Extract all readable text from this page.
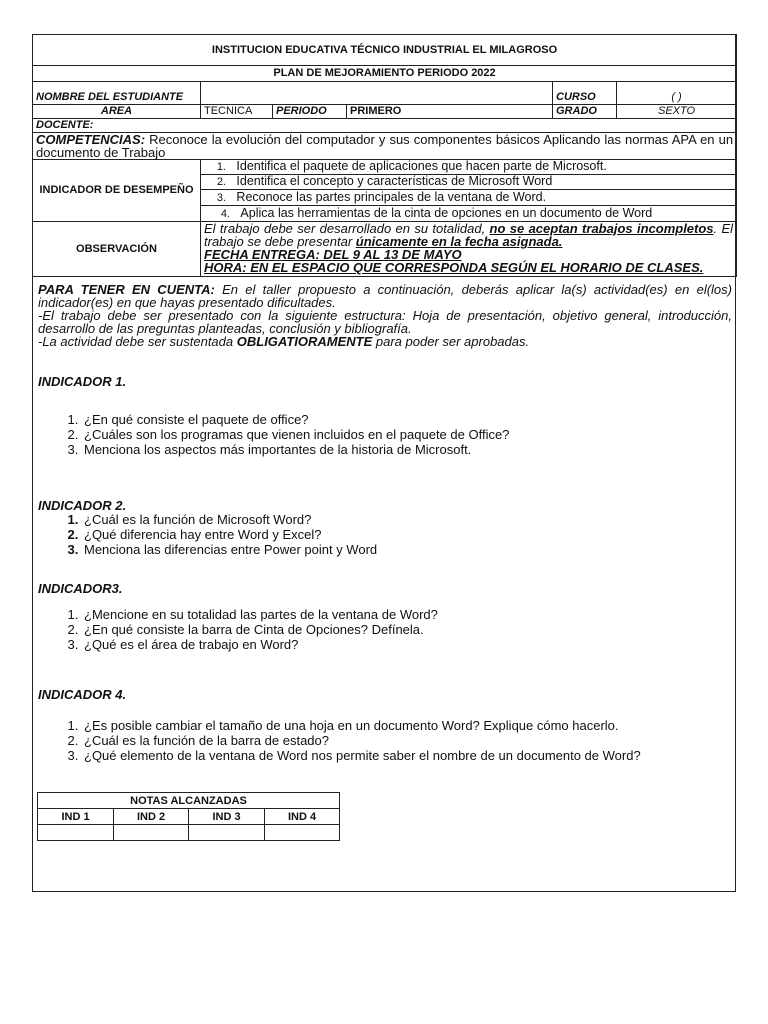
INSTITUCION EDUCATIVA TÉCNICO INDUSTRIAL EL MILAGROSO					
PLAN DE MEJORAMIENTO PERIODO 2022					
NOMBRE DEL ESTUDIANTE				CURSO	( )
AREA	TECNICA	PERIODO	PRIMERO	GRADO	SEXTO
DOCENTE:					
COMPETENCIAS: Reconoce la evolución del computador y sus componentes básicos Aplicando las normas APA en un documento de Trabajo					
INDICADOR DE DESEMPEÑO	1. Identifica el paquete de aplicaciones que hacen parte de Microsoft.				
	2. Identifica el concepto y características de Microsoft Word				
	3. Reconoce las partes principales de la ventana de Word.				
	4. Aplica las herramientas de la cinta de opciones en un documento de Word				
OBSERVACIÓN	El trabajo debe ser desarrollado en su totalidad, no se aceptan trabajos incompletos. El trabajo se debe presentar únicamente en la fecha asignada.
FECHA ENTREGA: DEL 9 AL 13 DE MAYO
HORA: EN EL ESPACIO QUE CORRESPONDA SEGÚN EL HORARIO DE CLASES.				

PARA TENER EN CUENTA: En el taller propuesto a continuación, deberás aplicar la(s) actividad(es) en el(los) indicador(es) en que hayas presentado dificultades.

-El trabajo debe ser presentado con la siguiente estructura: Hoja de presentación, objetivo general, introducción, desarrollo de las preguntas planteadas, conclusión y bibliografía.

-La actividad debe ser sustentada OBLIGATIORAMENTE para poder ser aprobadas.

INDICADOR 1.

1. ¿En qué consiste el paquete de office?
2. ¿Cuáles son los programas que vienen incluidos en el paquete de Office?
3. Menciona los aspectos más importantes de la historia de Microsoft.

INDICADOR 2.

1. ¿Cuál es la función de Microsoft Word?
2. ¿Qué diferencia hay entre Word y Excel?
3. Menciona las diferencias entre Power point y Word

INDICADOR3.

1. ¿Mencione en su totalidad las partes de la ventana de Word?
2. ¿En qué consiste la barra de Cinta de Opciones? Defínela.
3. ¿Qué es el área de trabajo en Word?

INDICADOR 4.

1. ¿Es posible cambiar el tamaño de una hoja en un documento Word? Explique cómo hacerlo.
2. ¿Cuál es la función de la barra de estado?
3. ¿Qué elemento de la ventana de Word nos permite saber el nombre de un documento de Word?
NOTAS ALCANZADAS			
IND 1	IND 2	IND 3	IND 4
